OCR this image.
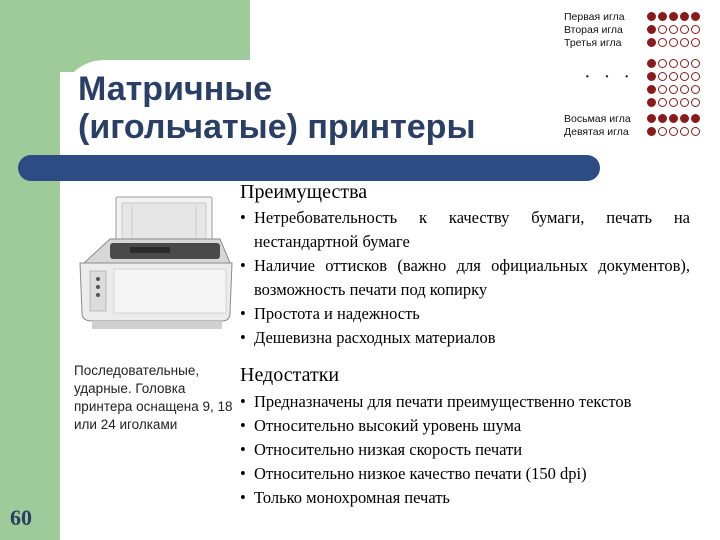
Матричные
(игольчатые) принтеры
· · ·
Первая игла
Вторая игла
Третья игла
Восьмая игла
Девятая игла

Последовательные, ударные. Головка принтера оснащена 9, 18 или 24 иголками

60
Преимущества
• Нетребовательность к качеству бумаги, печать на нестандартной бумаге
• Наличие оттисков (важно для официальных документов), возможность печати под копирку
• Простота и надежность
• Дешевизна расходных материалов
Недостатки
• Предназначены для печати преимущественно текстов
• Относительно высокий уровень шума
• Относительно низкая скорость печати
• Относительно низкое качество печати (150 dpi)
• Только монохромная печать
